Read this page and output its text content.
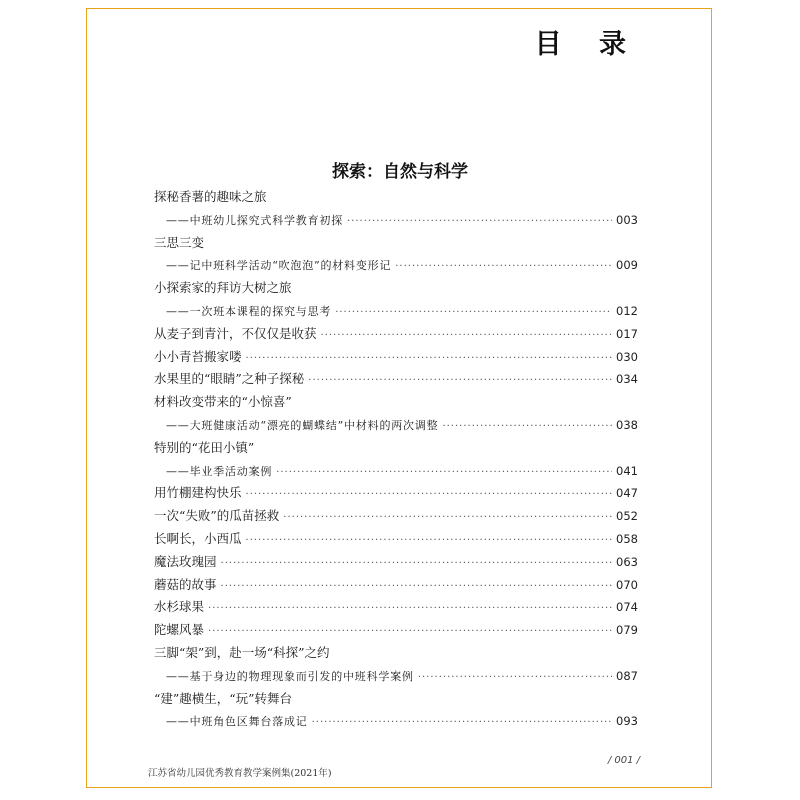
目 录
探索：自然与科学
探秘香薯的趣味之旅
——中班幼儿探究式科学教育初探 ·····	003
三思三变
——记中班科学活动“吹泡泡”的材料变形记 ·····	009
小探索家的拜访大树之旅
——一次班本课程的探究与思考 ·····	012
从麦子到青汁，不仅仅是收获 ·····	017
小小青苔搬家喽 ·····	030
水果里的“眼睛”之种子探秘 ·····	034
材料改变带来的“小惊喜”
——大班健康活动“漂亮的蝴蝶结”中材料的两次调整 ·····	038
特别的“花田小镇”
——毕业季活动案例 ·····	041
用竹棚建构快乐 ·····	047
一次“失败”的瓜苗拯救 ·····	052
长啊长，小西瓜 ·····	058
魔法玫瑰园 ·····	063
蘑菇的故事 ·····	070
水杉球果 ·····	074
陀螺风暴 ·····	079
三脚“架”到，赴一场“科探”之约
——基于身边的物理现象而引发的中班科学案例 ·····	087
“建”趣横生，“玩”转舞台
——中班角色区舞台落成记 ·····	093
江苏省幼儿园优秀教育教学案例集(2021年)
/ 001 /
